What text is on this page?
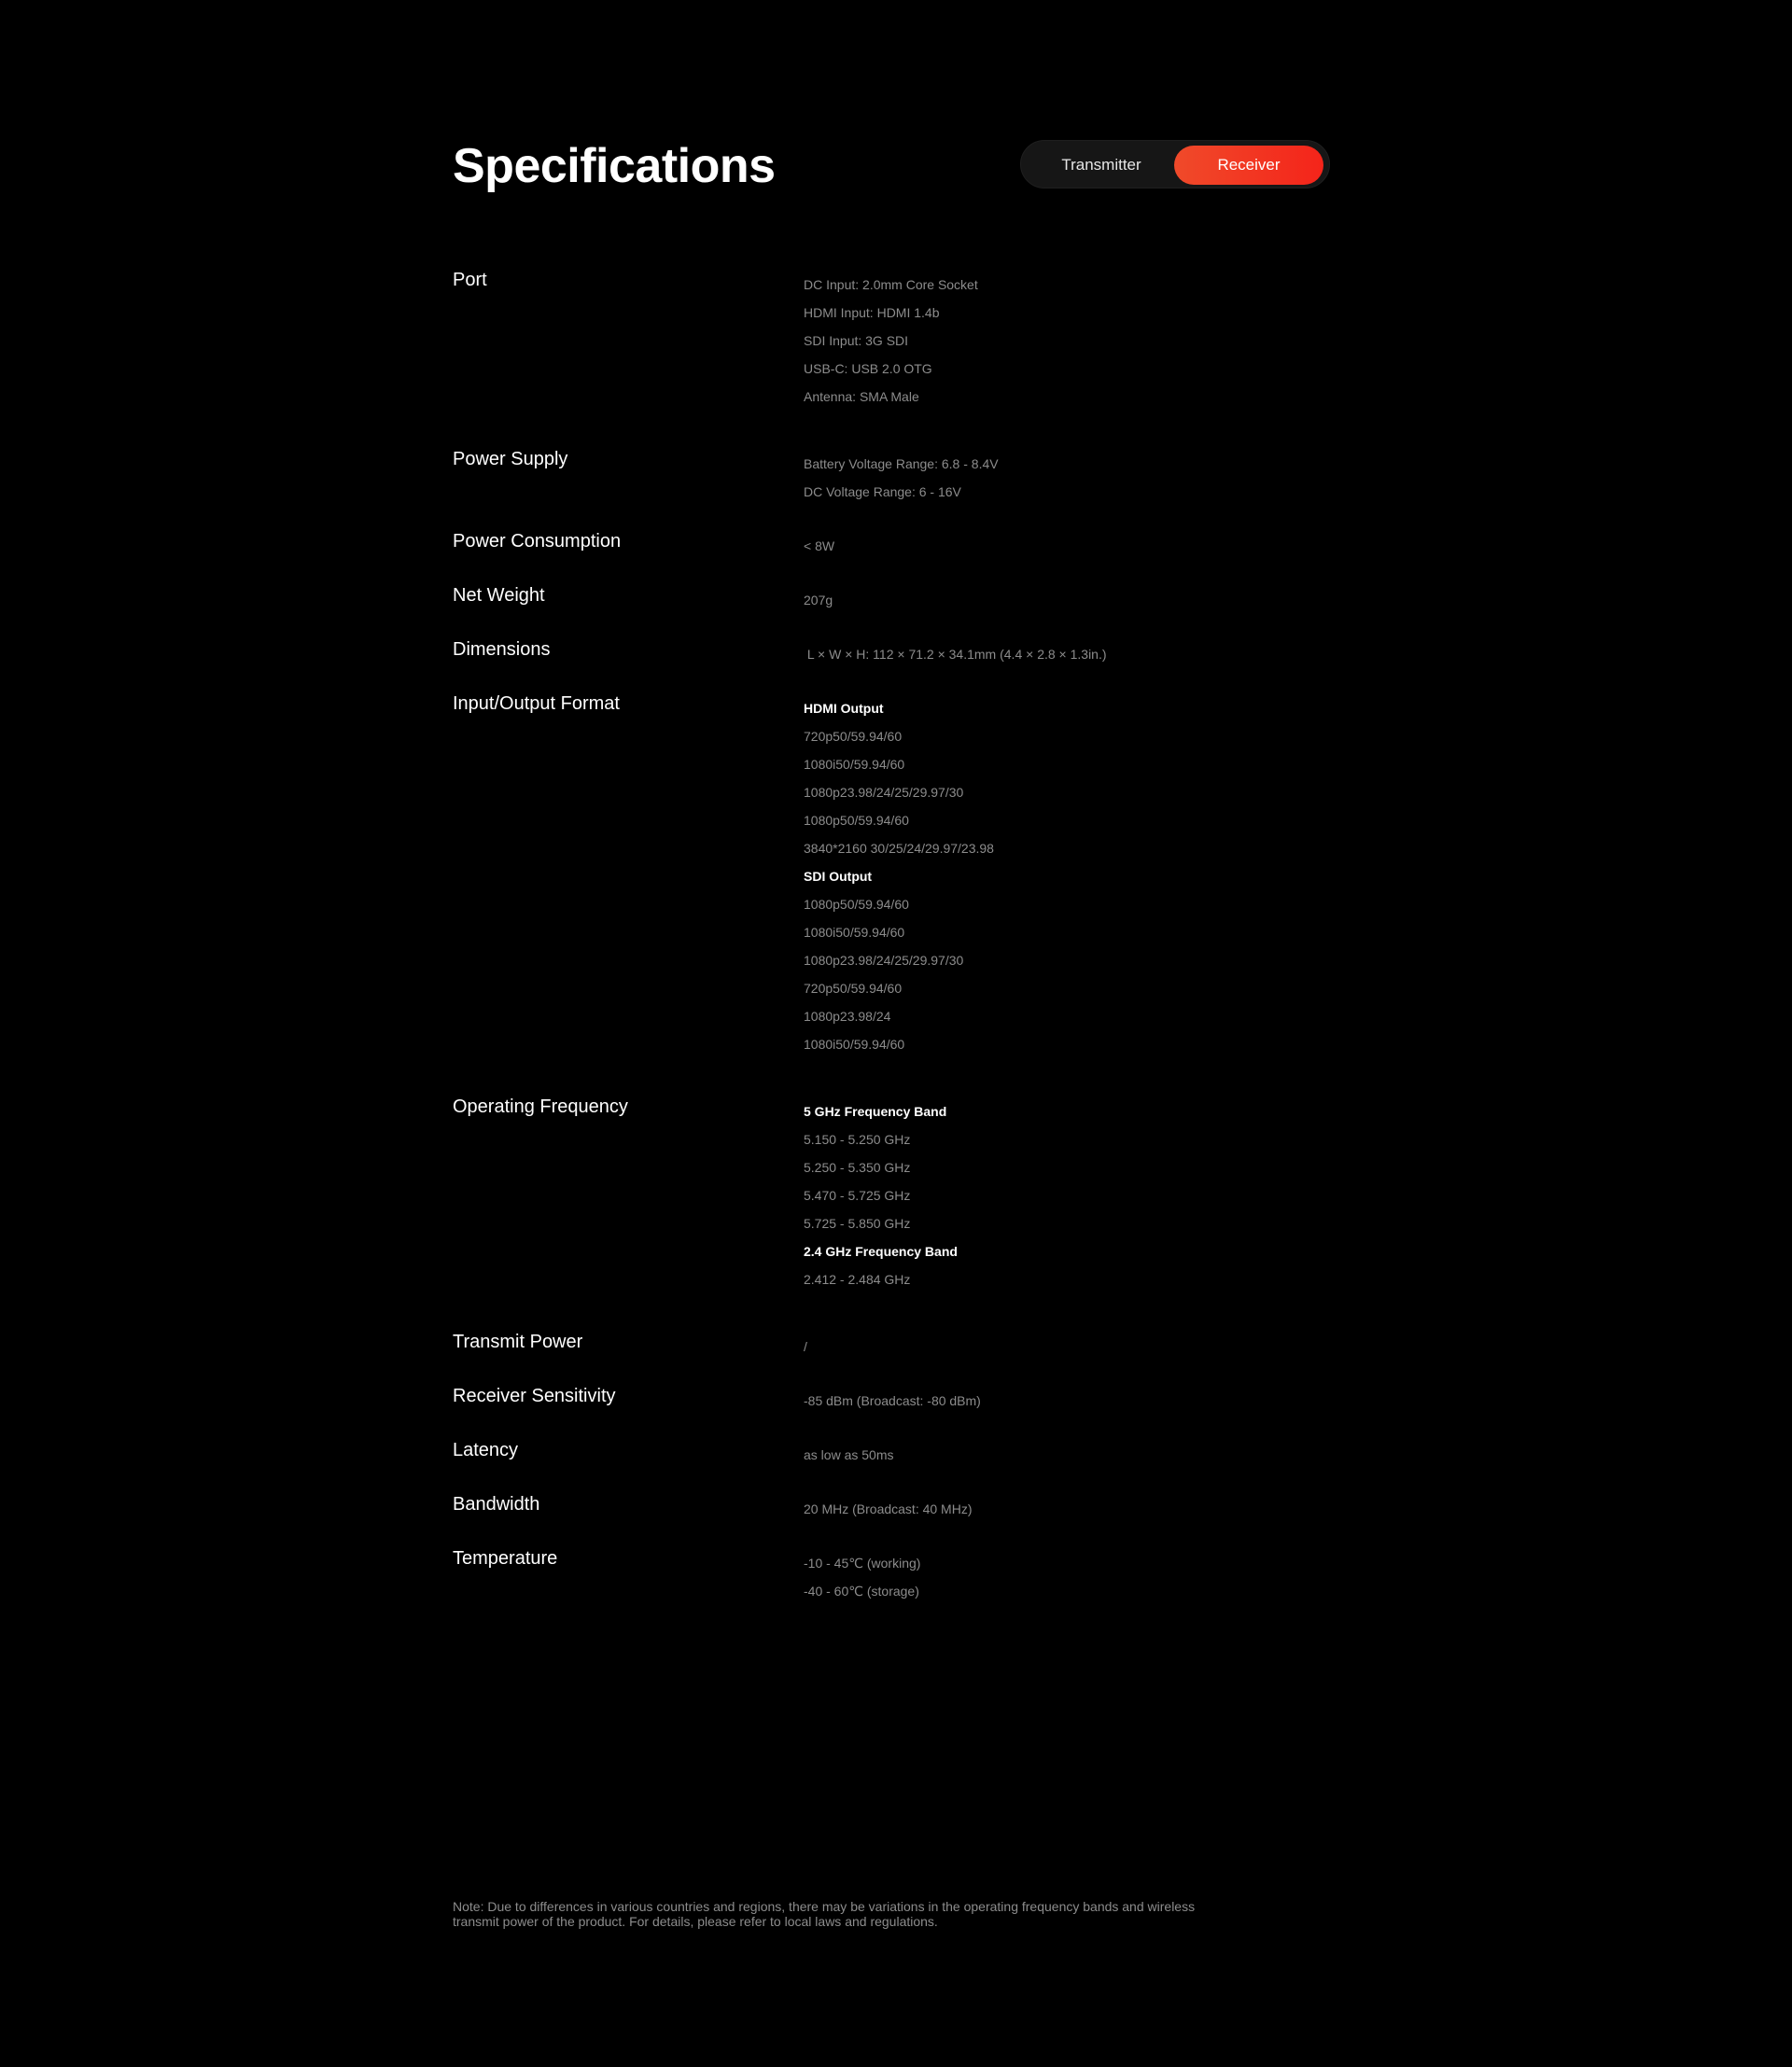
Specifications	Transmitter	Receiver
Port	DC Input: 2.0mm Core Socket
HDMI Input: HDMI 1.4b
SDI Input: 3G SDI
USB-C: USB 2.0 OTG
Antenna: SMA Male
Power Supply	Battery Voltage Range: 6.8 - 8.4V
DC Voltage Range: 6 - 16V
Power Consumption	< 8W
Net Weight	207g
Dimensions	L × W × H: 112 × 71.2 × 34.1mm (4.4 × 2.8 × 1.3in.)
Input/Output Format	HDMI Output
720p50/59.94/60
1080i50/59.94/60
1080p23.98/24/25/29.97/30
1080p50/59.94/60
3840*2160 30/25/24/29.97/23.98
SDI Output
1080p50/59.94/60
1080i50/59.94/60
1080p23.98/24/25/29.97/30
720p50/59.94/60
1080p23.98/24
1080i50/59.94/60
Operating Frequency	5 GHz Frequency Band
5.150 - 5.250 GHz
5.250 - 5.350 GHz
5.470 - 5.725 GHz
5.725 - 5.850 GHz
2.4 GHz Frequency Band
2.412 - 2.484 GHz
Transmit Power	/
Receiver Sensitivity	-85 dBm (Broadcast: -80 dBm)
Latency	as low as 50ms
Bandwidth	20 MHz (Broadcast: 40 MHz)
Temperature	-10 - 45℃ (working)
-40 - 60℃ (storage)
Note: Due to differences in various countries and regions, there may be variations in the operating frequency bands and wireless transmit power of the product. For details, please refer to local laws and regulations.
